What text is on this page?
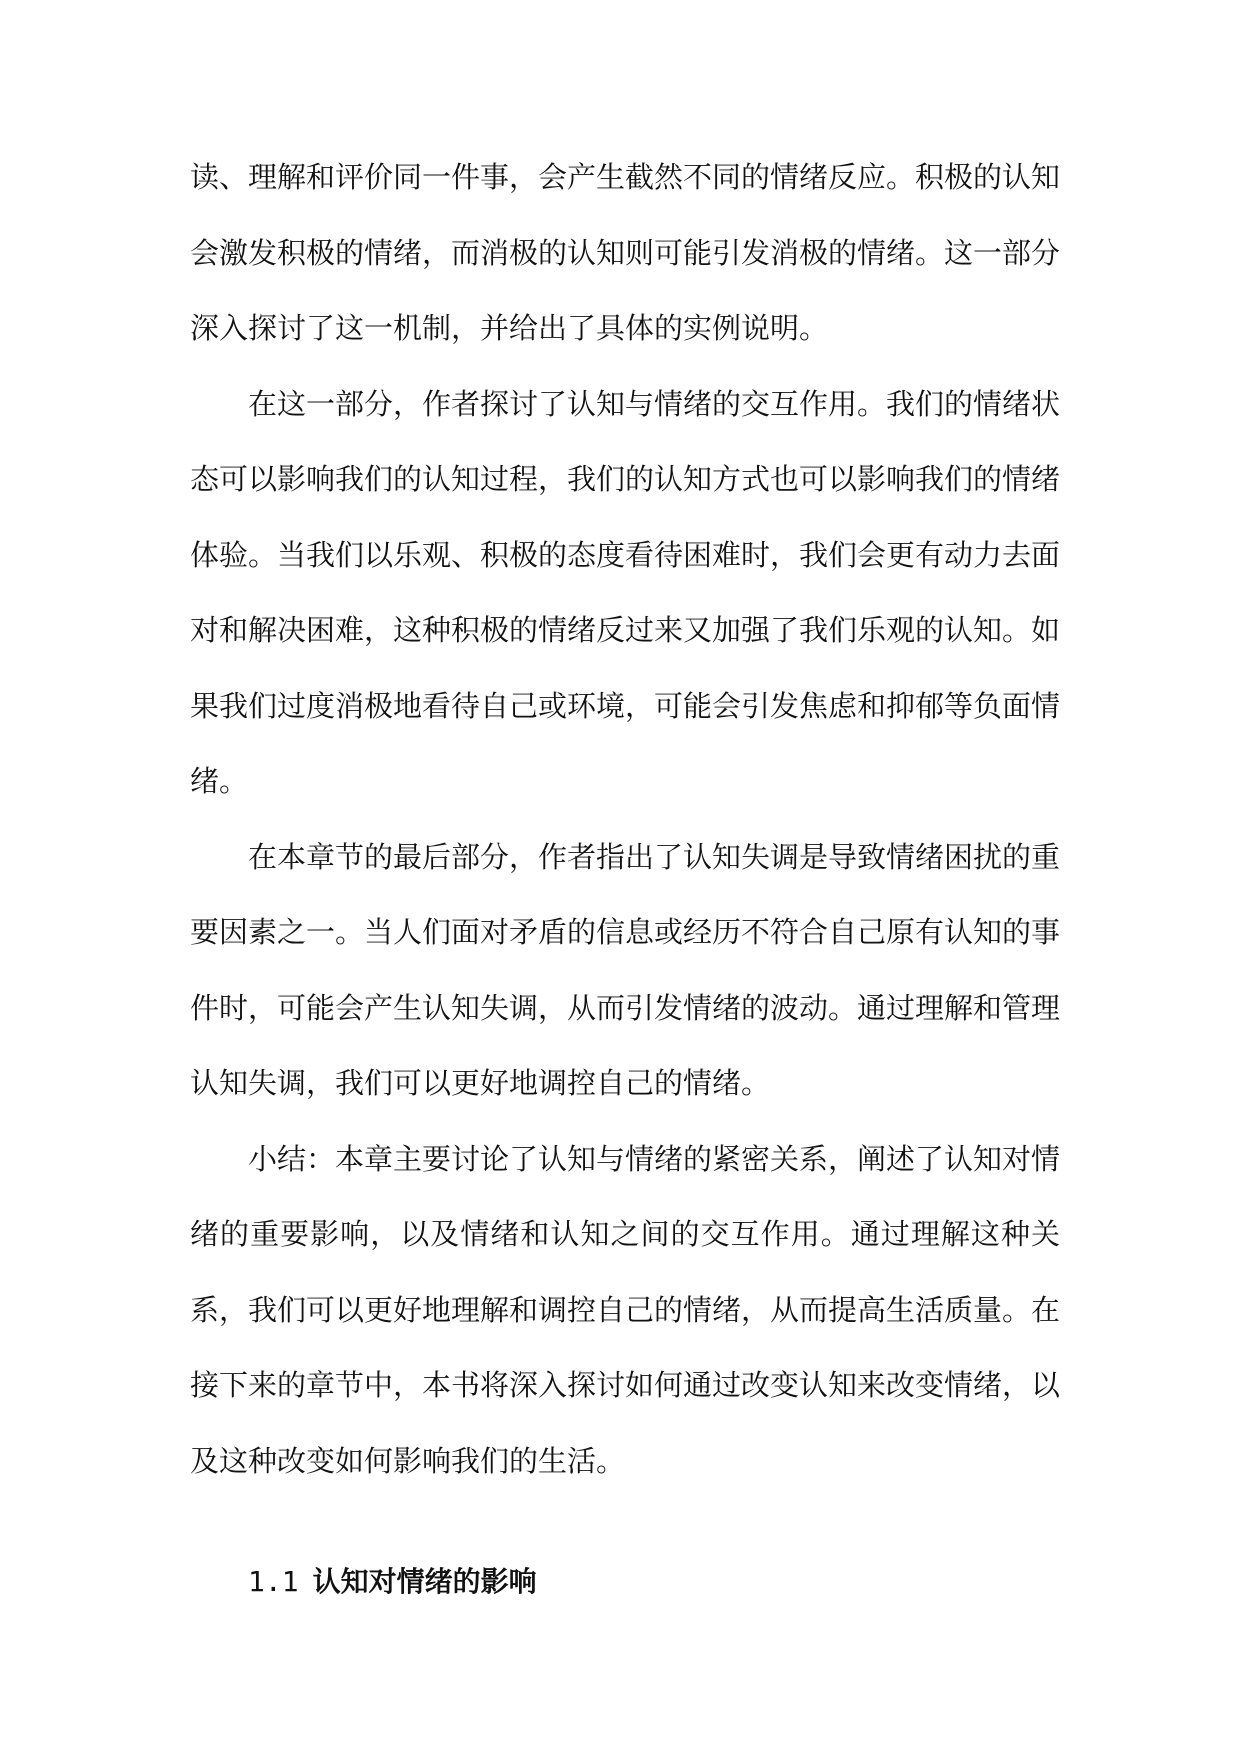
读、理解和评价同一件事，会产生截然不同的情绪反应。积极的认知会激发积极的情绪，而消极的认知则可能引发消极的情绪。这一部分深入探讨了这一机制，并给出了具体的实例说明。

在这一部分，作者探讨了认知与情绪的交互作用。我们的情绪状态可以影响我们的认知过程，我们的认知方式也可以影响我们的情绪体验。当我们以乐观、积极的态度看待困难时，我们会更有动力去面对和解决困难，这种积极的情绪反过来又加强了我们乐观的认知。如果我们过度消极地看待自己或环境，可能会引发焦虑和抑郁等负面情绪。

在本章节的最后部分，作者指出了认知失调是导致情绪困扰的重要因素之一。当人们面对矛盾的信息或经历不符合自己原有认知的事件时，可能会产生认知失调，从而引发情绪的波动。通过理解和管理认知失调，我们可以更好地调控自己的情绪。

小结：本章主要讨论了认知与情绪的紧密关系，阐述了认知对情绪的重要影响，以及情绪和认知之间的交互作用。通过理解这种关系，我们可以更好地理解和调控自己的情绪，从而提高生活质量。在接下来的章节中，本书将深入探讨如何通过改变认知来改变情绪，以及这种改变如何影响我们的生活。

1.1 认知对情绪的影响
